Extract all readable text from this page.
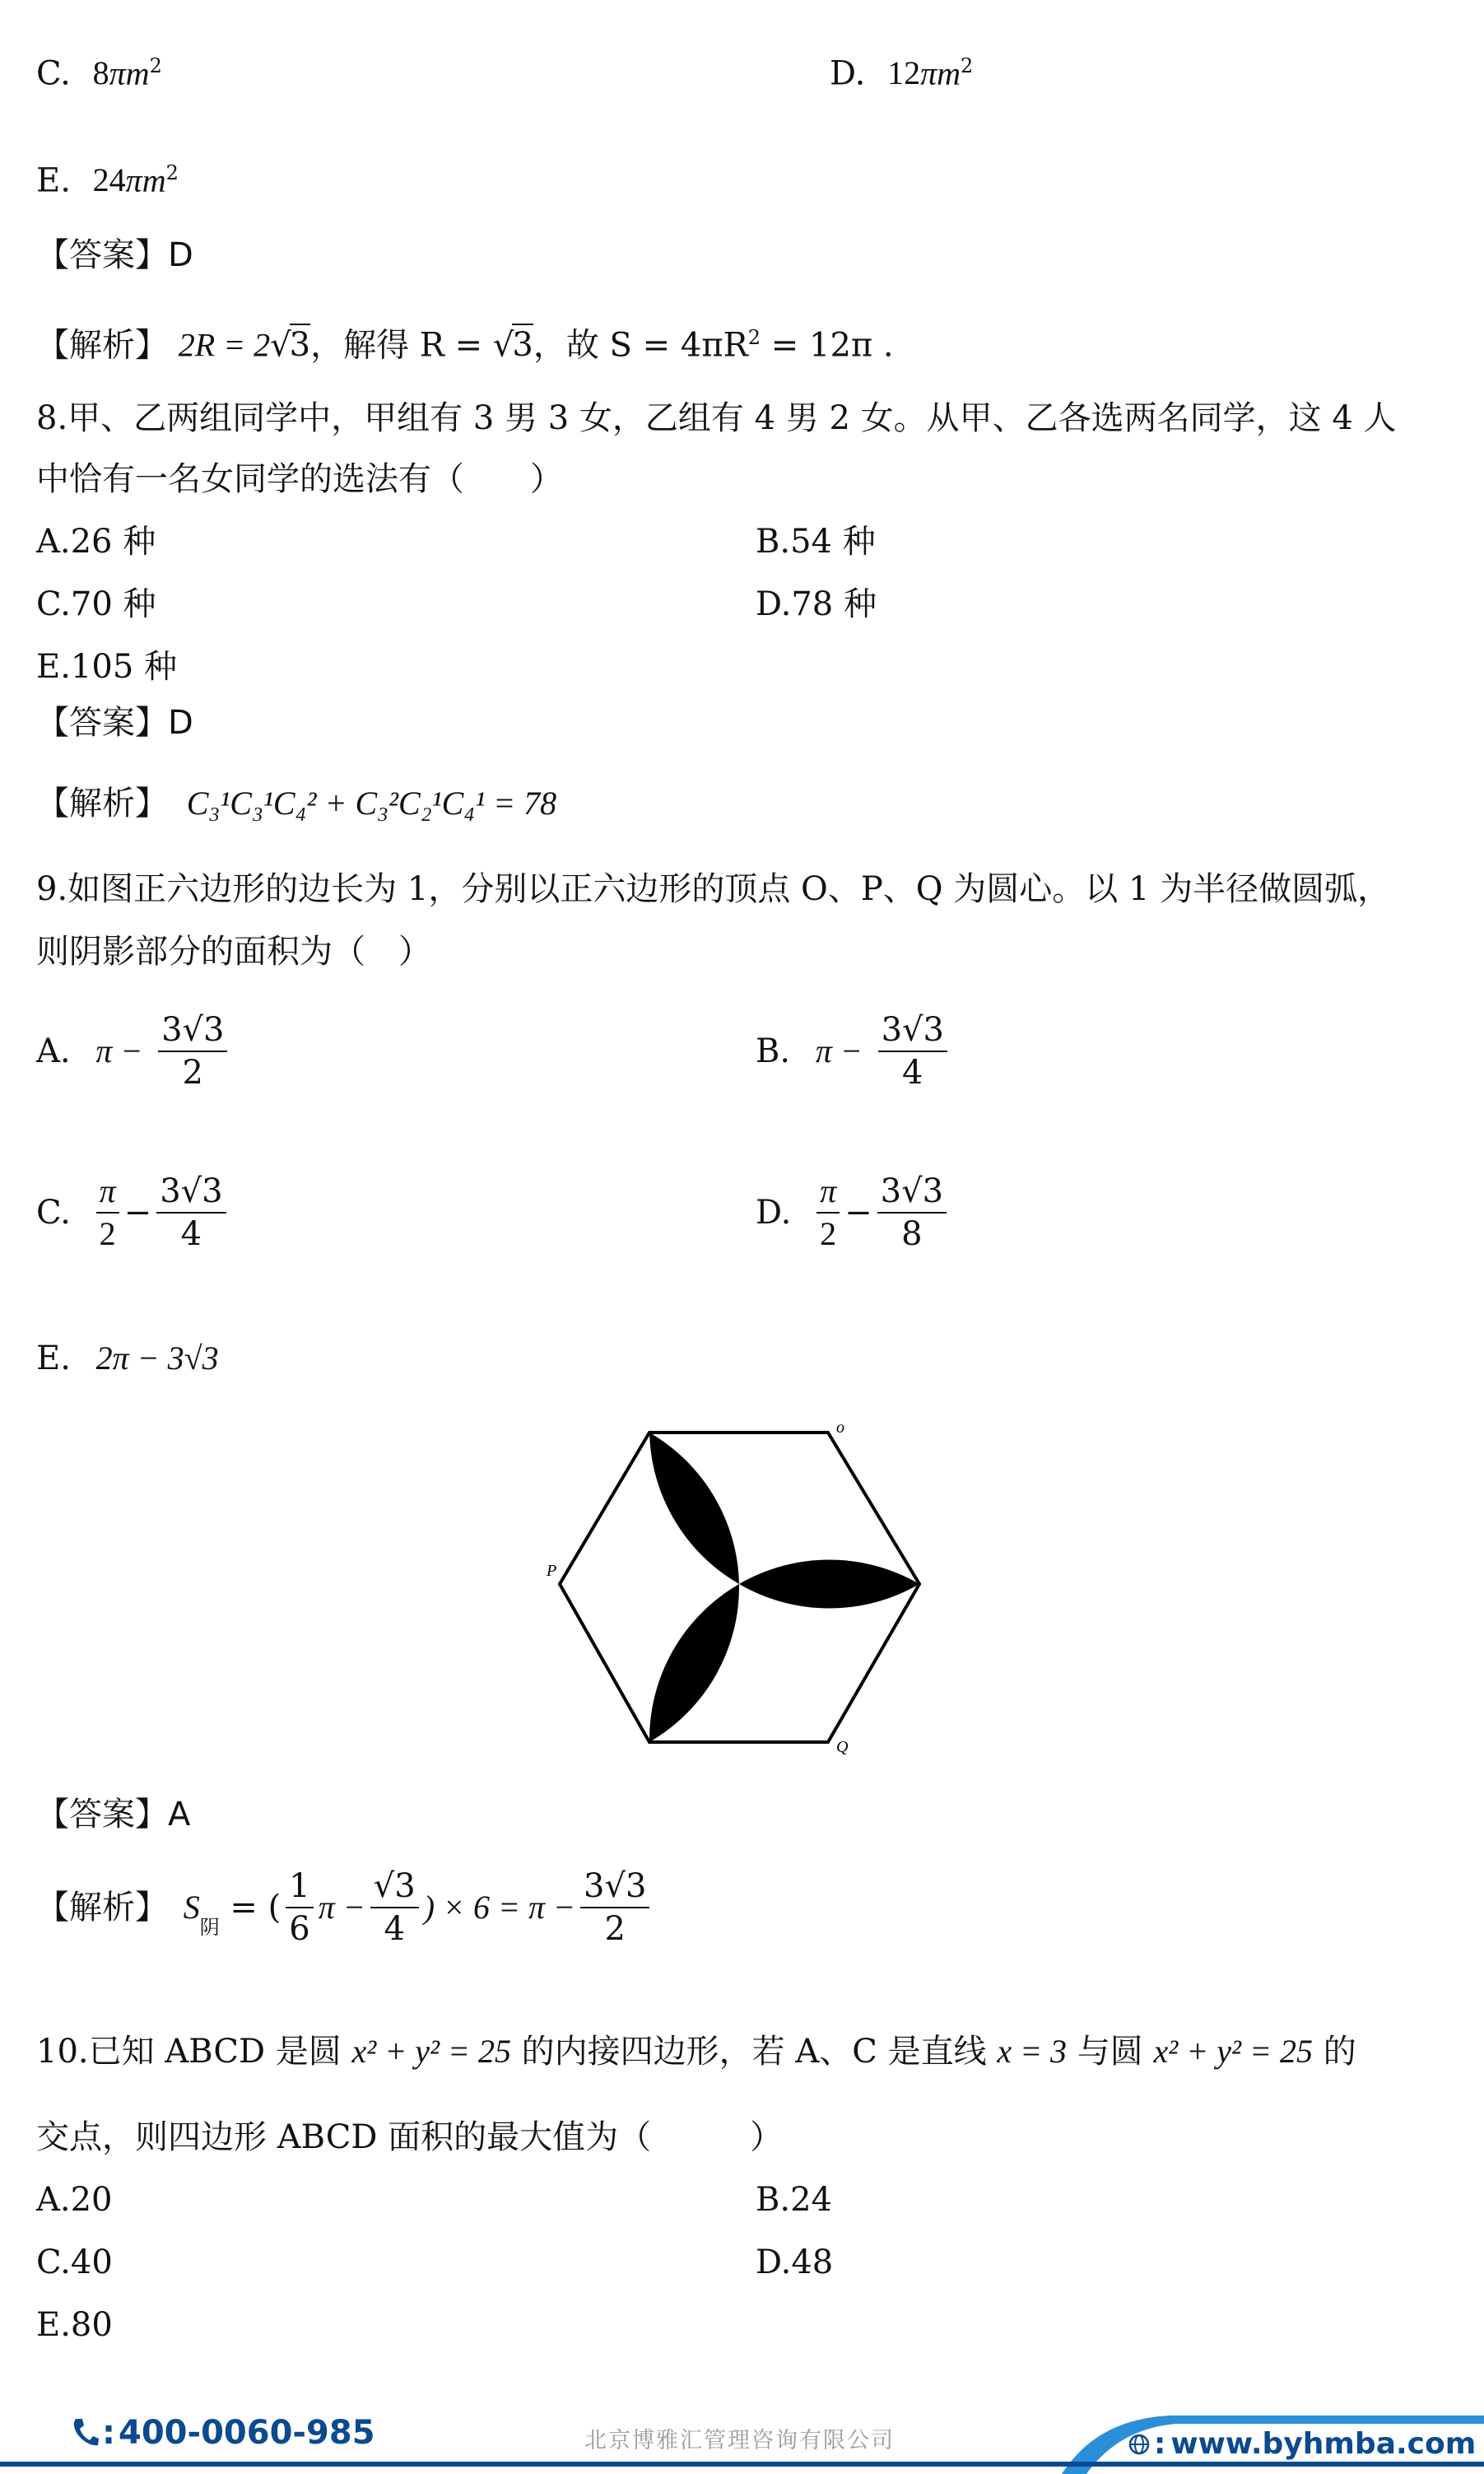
C. $8\pi m^2$	D. $12\pi m^2$
E. $24\pi m^2$
【答案】D
【解析】 2R = 2√3，解得 R = √3，故 $S = 4\pi R^2 = 12\pi$ .
8.甲、乙两组同学中，甲组有 3 男 3 女，乙组有 4 男 2 女。从甲、乙各选两名同学，这 4 人
中恰有一名女同学的选法有（　　）
A.26 种	B.54 种
C.70 种	D.78 种
E.105 种
【答案】D
【解析】 C₃¹C₃¹C₄² + C₃²C₂¹C₄¹ = 78
9.如图正六边形的边长为 1，分别以正六边形的顶点 O、P、Q 为圆心。以 1 为半径做圆弧，
则阴影部分的面积为（　）
A. $\pi - \frac{3√3}{2}$	B. $\pi - \frac{3√3}{4}$
C. $\frac{\pi}{2} - \frac{3√3}{4}$	D. $\frac{\pi}{2} - \frac{3√3}{8}$
E. 2π − 3√3
o
P
Q
【答案】A
【解析】 $S_阴$ = ( $\frac{1}{6}$ $\pi - \frac{√3}{4}$ ) × $6 = \pi - \frac{3√3}{2}$
10.已知 ABCD 是圆 x² + y² = 25 的内接四边形，若 A、C 是直线 x = 3 与圆 x² + y² = 25 的
交点，则四边形 ABCD 面积的最大值为（　　　）
A.20	B.24
C.40	D.48
E.80
: 400-0060-985	北京博雅汇管理咨询有限公司	: www.byhmba.com
